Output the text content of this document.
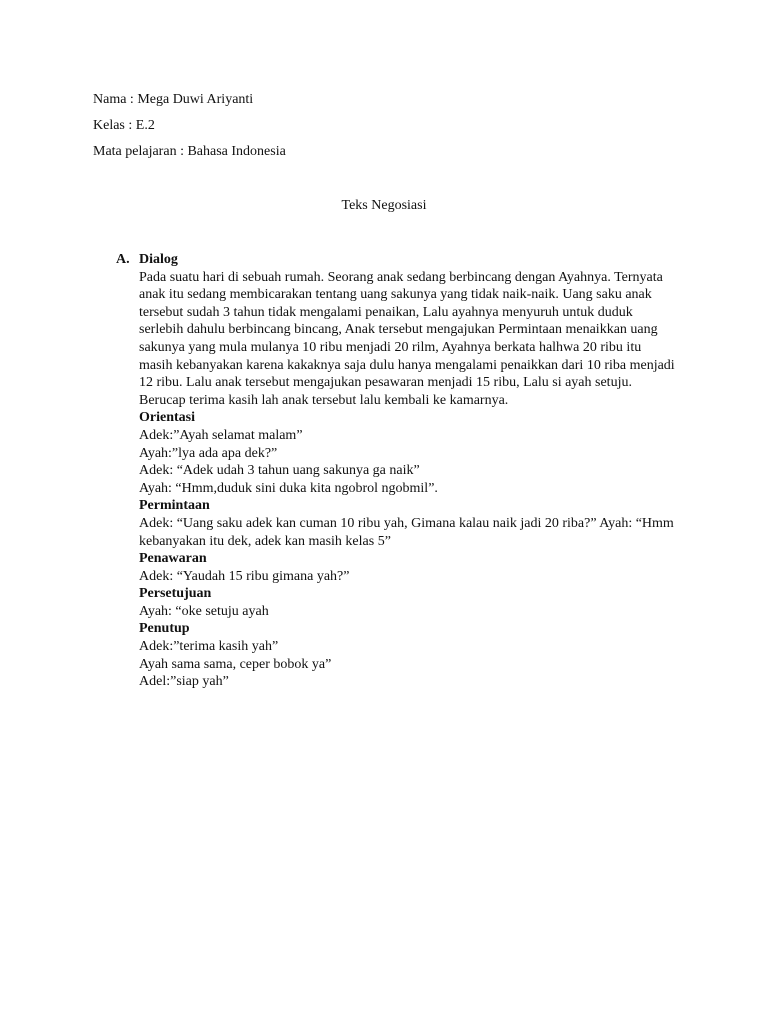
Nama : Mega Duwi Ariyanti
Kelas : E.2
Mata pelajaran : Bahasa Indonesia
Teks Negosiasi
A. Dialog

Pada suatu hari di sebuah rumah. Seorang anak sedang berbincang dengan Ayahnya. Ternyata anak itu sedang membicarakan tentang uang sakunya yang tidak naik-naik. Uang saku anak tersebut sudah 3 tahun tidak mengalami penaikan, Lalu ayahnya menyuruh untuk duduk serlebih dahulu berbincang bincang, Anak tersebut mengajukan Permintaan menaikkan uang sakunya yang mula mulanya 10 ribu menjadi 20 rilm, Ayahnya berkata halhwa 20 ribu itu masih kebanyakan karena kakaknya saja dulu hanya mengalami penaikkan dari 10 riba menjadi 12 ribu. Lalu anak tersebut mengajukan pesawaran menjadi 15 ribu, Lalu si ayah setuju. Berucap terima kasih lah anak tersebut lalu kembali ke kamarnya.

Orientasi
Adek:”Ayah selamat malam”
Ayah:”lya ada apa dek?”
Adek: “Adek udah 3 tahun uang sakunya ga naik”
Ayah: “Hmm,duduk sini duka kita ngobrol ngobmil”.
Permintaan

Adek: “Uang saku adek kan cuman 10 ribu yah, Gimana kalau naik jadi 20 riba?” Ayah: “Hmm kebanyakan itu dek, adek kan masih kelas 5”

Penawaran
Adek: “Yaudah 15 ribu gimana yah?”
Persetujuan
Ayah: “oke setuju ayah
Penutup
Adek:”terima kasih yah”
Ayah sama sama, ceper bobok ya”
Adel:”siap yah”
